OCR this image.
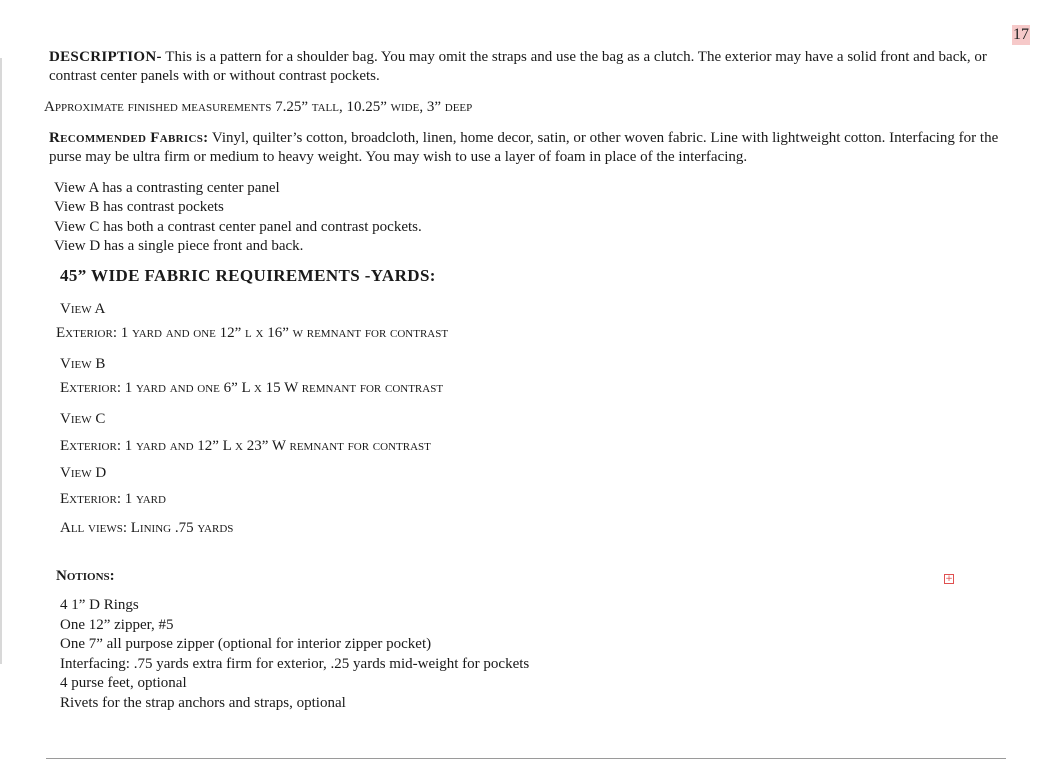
17
DESCRIPTION- This is a pattern for a shoulder bag. You may omit the straps and use the bag as a clutch. The exterior may have a solid front and back, or contrast center panels with or without contrast pockets.
Approximate finished measurements 7.25” tall, 10.25” wide, 3” deep
Recommended Fabrics: Vinyl, quilter’s cotton, broadcloth, linen, home decor, satin, or other woven fabric. Line with lightweight cotton. Interfacing for the purse may be ultra firm or medium to heavy weight. You may wish to use a layer of foam in place of the interfacing.
View A has a contrasting center panel
View B has contrast pockets
View C has both a contrast center panel and contrast pockets.
View D has a single piece front and back.
45” WIDE FABRIC REQUIREMENTS -YARDS:
View A
Exterior: 1 yard and one 12” l x 16” w remnant for contrast
View B
Exterior: 1 yard and one 6” L x 15 W remnant for contrast
View C
Exterior: 1 yard and 12” L x 23” W remnant for contrast
View D
Exterior: 1 yard
All views: Lining .75 yards
Notions:	+
4 1” D Rings
One 12” zipper, #5
One 7” all purpose zipper (optional for interior zipper pocket)
Interfacing: .75 yards extra firm for exterior, .25 yards mid-weight for pockets
4 purse feet, optional
Rivets for the strap anchors and straps, optional
